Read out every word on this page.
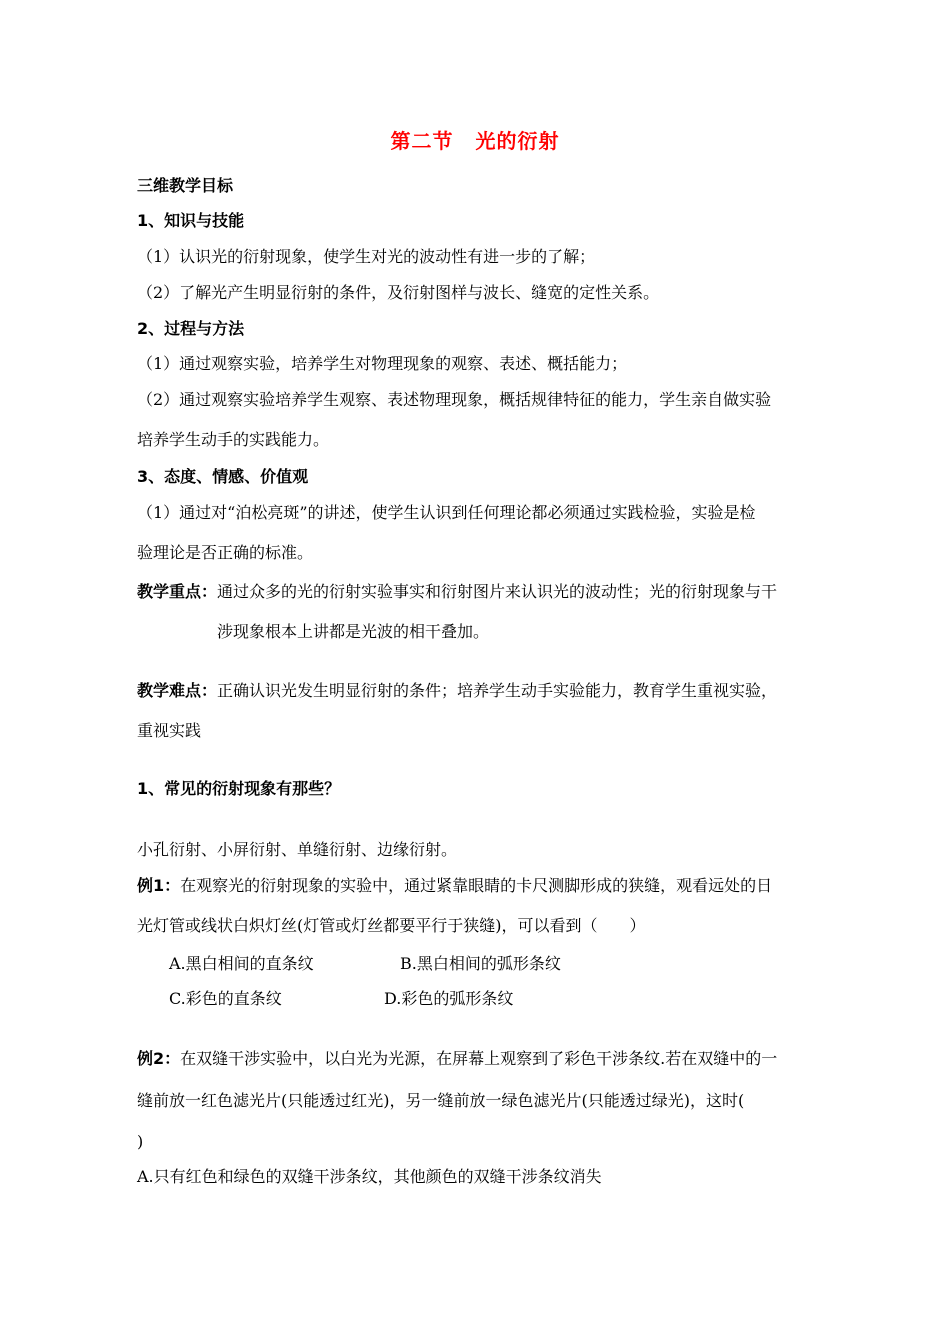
第二节 光的衍射
三维教学目标
1、知识与技能
（1）认识光的衍射现象，使学生对光的波动性有进一步的了解；
（2）了解光产生明显衍射的条件，及衍射图样与波长、缝宽的定性关系。
2、过程与方法
（1）通过观察实验，培养学生对物理现象的观察、表述、概括能力；
（2）通过观察实验培养学生观察、表述物理现象，概括规律特征的能力，学生亲自做实验
培养学生动手的实践能力。
3、态度、情感、价值观
（1）通过对“泊松亮斑”的讲述，使学生认识到任何理论都必须通过实践检验，实验是检
验理论是否正确的标准。
教学重点：通过众多的光的衍射实验事实和衍射图片来认识光的波动性；光的衍射现象与干
涉现象根本上讲都是光波的相干叠加。
教学难点：正确认识光发生明显衍射的条件；培养学生动手实验能力，教育学生重视实验，
重视实践
1、常见的衍射现象有那些？
小孔衍射、小屏衍射、单缝衍射、边缘衍射。
例1：在观察光的衍射现象的实验中，通过紧靠眼睛的卡尺测脚形成的狭缝，观看远处的日
光灯管或线状白炽灯丝(灯管或灯丝都要平行于狭缝)，可以看到（　　）
A.黑白相间的直条纹	B.黑白相间的弧形条纹
C.彩色的直条纹	D.彩色的弧形条纹
例2：在双缝干涉实验中，以白光为光源，在屏幕上观察到了彩色干涉条纹.若在双缝中的一
缝前放一红色滤光片(只能透过红光)，另一缝前放一绿色滤光片(只能透过绿光)，这时(
)
A.只有红色和绿色的双缝干涉条纹，其他颜色的双缝干涉条纹消失
